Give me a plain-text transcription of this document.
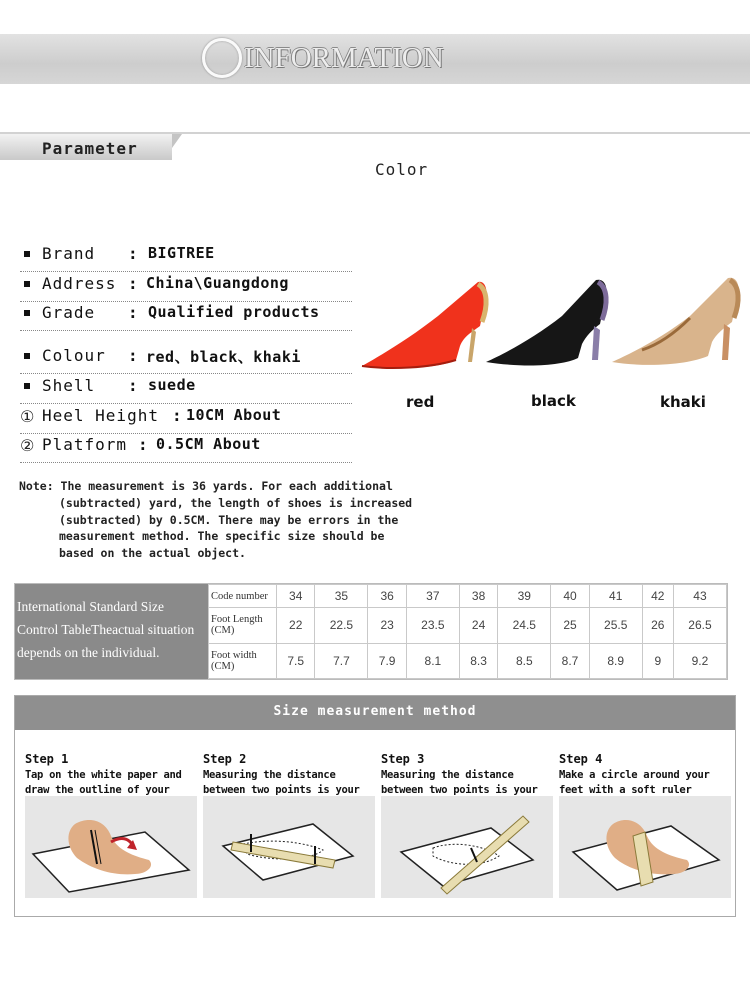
INFORMATION
Parameter
Color
Brand : BIGTREE
Address : China\Guangdong
Grade : Qualified products
Colour : red、black、khaki
Shell : suede
① Heel Height : 10CM About
② Platform : 0.5CM About
red	black	khaki
Note: The measurement is 36 yards. For each additional
(subtracted) yard, the length of shoes is increased (subtracted) by 0.5CM. There may be errors in the measurement method. The specific size should be based on the actual object.
International Standard Size
Control TableTheactual situation
depends on the individual.
Code number	34	35	36	37	38	39	40	41	42	43
Foot Length (CM)	22	22.5	23	23.5	24	24.5	25	25.5	26	26.5
Foot width (CM)	7.5	7.7	7.9	8.1	8.3	8.5	8.7	8.9	9	9.2
Size measurement method
Step 1
Tap on the white paper and draw the outline of your
Step 2
Measuring the distance between two points is your
Step 3
Measuring the distance between two points is your
Step 4
Make a circle around your feet with a soft ruler
